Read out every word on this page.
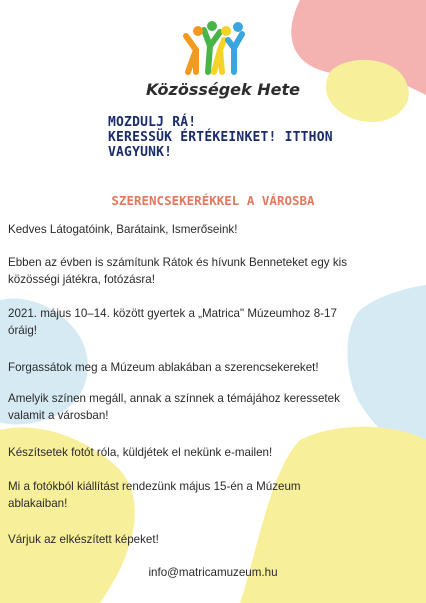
Közösségek Hete
MOZDULJ RÁ!
KERESSÜK ÉRTÉKEINKET! ITTHON
VAGYUNK!
SZERENCSEKERÉKKEL A VÁROSBA
Kedves Látogatóink, Barátaink, Ismerőseink!
Ebben az évben is számítunk Rátok és hívunk Benneteket egy kis
közösségi játékra, fotózásra!
2021. május 10–14. között gyertek a „Matrica" Múzeumhoz 8-17
óráig!
Forgassátok meg a Múzeum ablakában a szerencsekereket!
Amelyik színen megáll, annak a színnek a témájához keressetek
valamit a városban!
Készítsetek fotót róla, küldjétek el nekünk e-mailen!
Mi a fotókból kiállítást rendezünk május 15-én a Múzeum
ablakaiban!
Várjuk az elkészített képeket!
info@matricamuzeum.hu
